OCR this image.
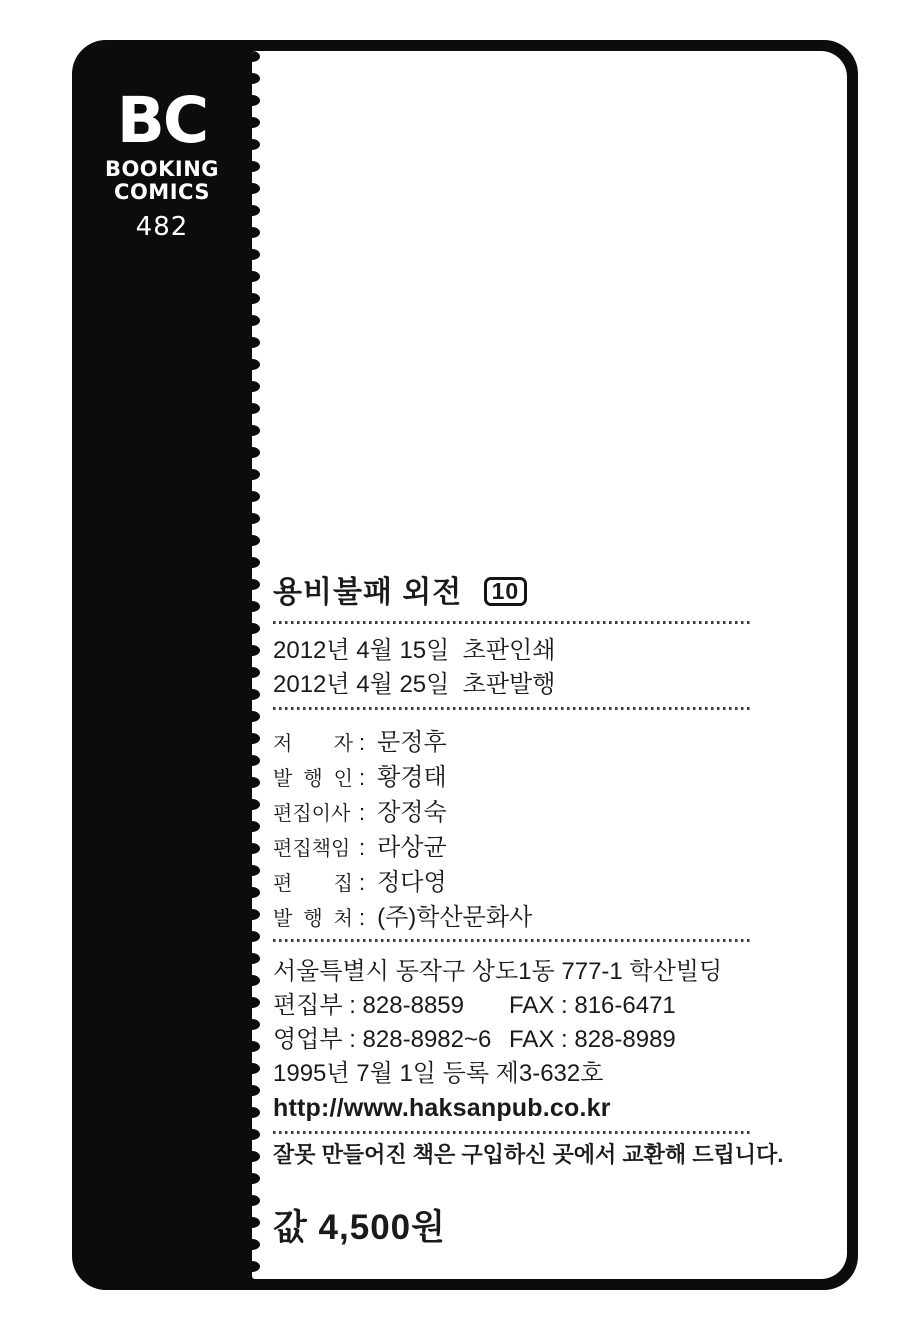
BC
BOOKING
COMICS
482
용비불패 외전 10
2012년 4월 15일  초판인쇄
2012년 4월 25일  초판발행
저 자 : 문정후
발 행 인 : 황경태
편집이사 : 장정숙
편집책임 : 라상균
편 집 : 정다영
발 행 처 : (주)학산문화사
서울특별시 동작구 상도1동 777-1 학산빌딩
편집부 : 828-8859	FAX : 816-6471
영업부 : 828-8982~6 FAX : 828-8989
1995년 7월 1일 등록 제3-632호
http://www.haksanpub.co.kr
잘못 만들어진 책은 구입하신 곳에서 교환해 드립니다.
값 4,500원
